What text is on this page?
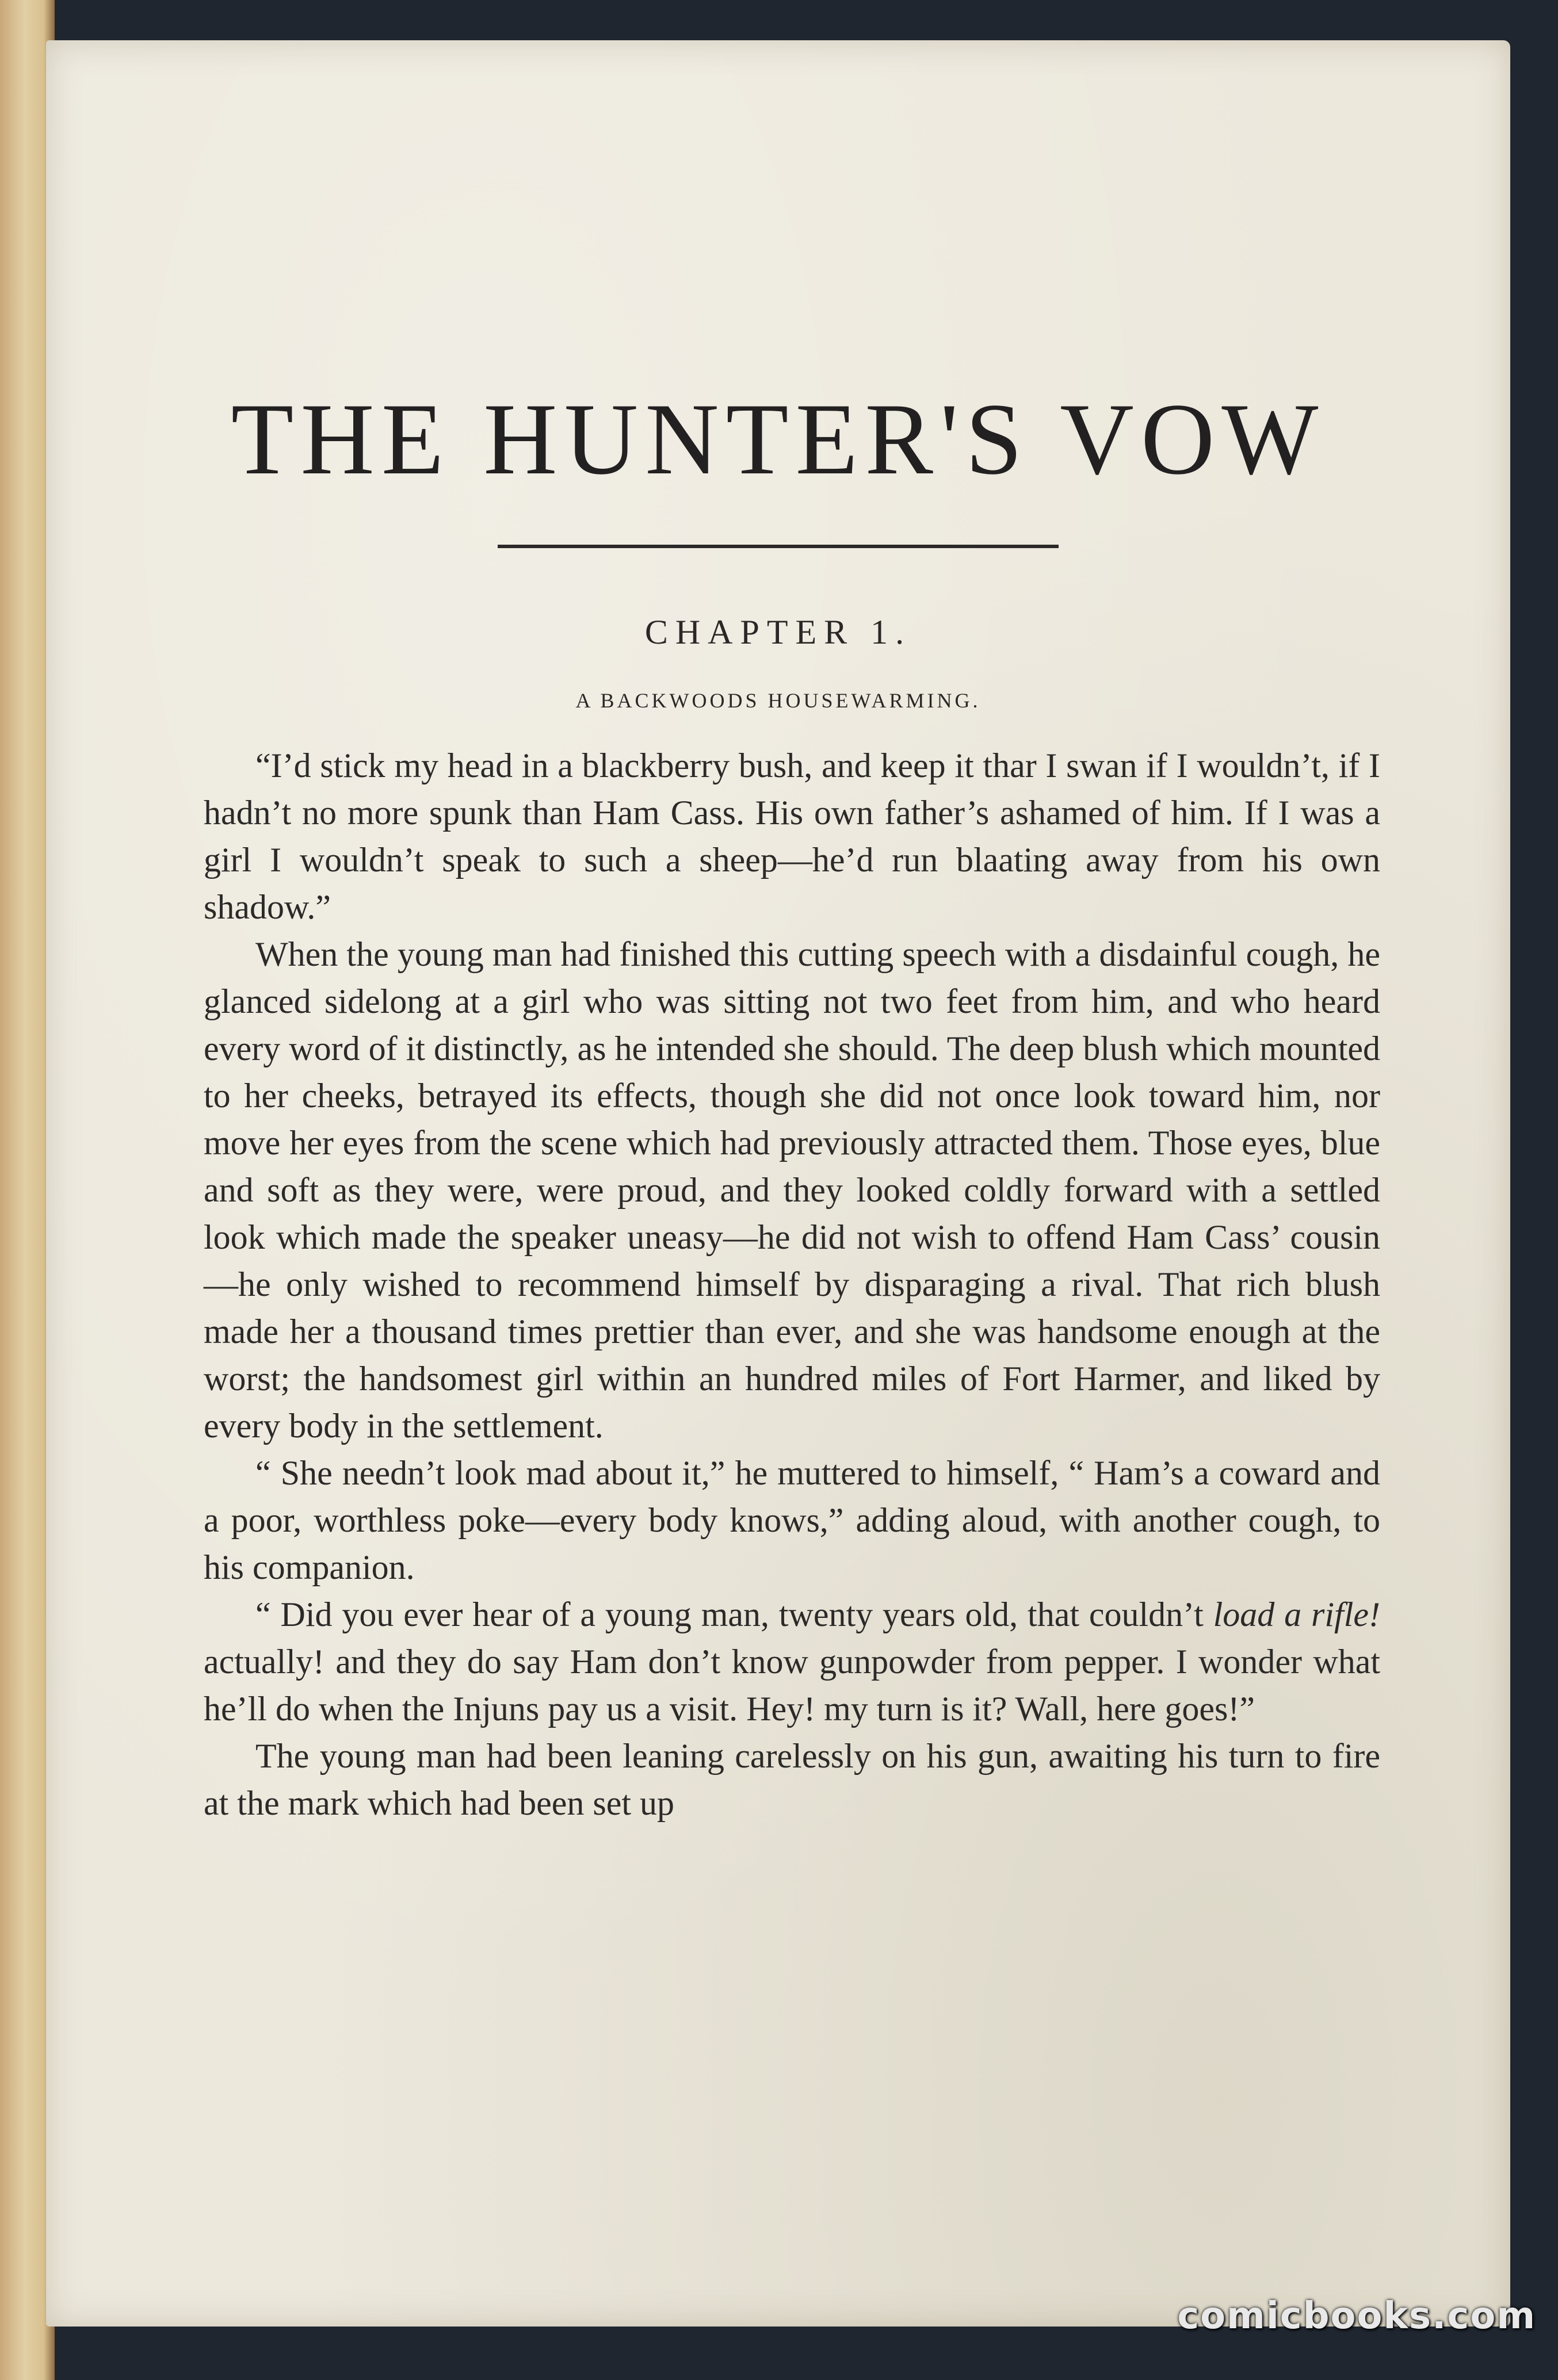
THE HUNTER'S VOW
CHAPTER 1.
A BACKWOODS HOUSEWARMING.

“I’d stick my head in a blackberry bush, and keep it thar I swan if I wouldn’t, if I hadn’t no more spunk than Ham Cass. His own father’s ashamed of him. If I was a girl I wouldn’t speak to such a sheep—he’d run blaating away from his own shadow.”

When the young man had finished this cutting speech with a disdainful cough, he glanced sidelong at a girl who was sitting not two feet from him, and who heard every word of it distinctly, as he intended she should. The deep blush which mounted to her cheeks, betrayed its effects, though she did not once look toward him, nor move her eyes from the scene which had previously attracted them. Those eyes, blue and soft as they were, were proud, and they looked coldly forward with a settled look which made the speaker uneasy—he did not wish to offend Ham Cass’ cousin—he only wished to recommend himself by disparaging a rival. That rich blush made her a thousand times prettier than ever, and she was handsome enough at the worst; the handsomest girl within an hundred miles of Fort Harmer, and liked by every body in the settlement.

“ She needn’t look mad about it,” he muttered to himself, “ Ham’s a coward and a poor, worthless poke—every body knows,” adding aloud, with another cough, to his companion.

“ Did you ever hear of a young man, twenty years old, that couldn’t load a rifle! actually! and they do say Ham don’t know gunpowder from pepper. I wonder what he’ll do when the Injuns pay us a visit. Hey! my turn is it? Wall, here goes!”

The young man had been leaning carelessly on his gun, awaiting his turn to fire at the mark which had been set up

comicbooks.com
